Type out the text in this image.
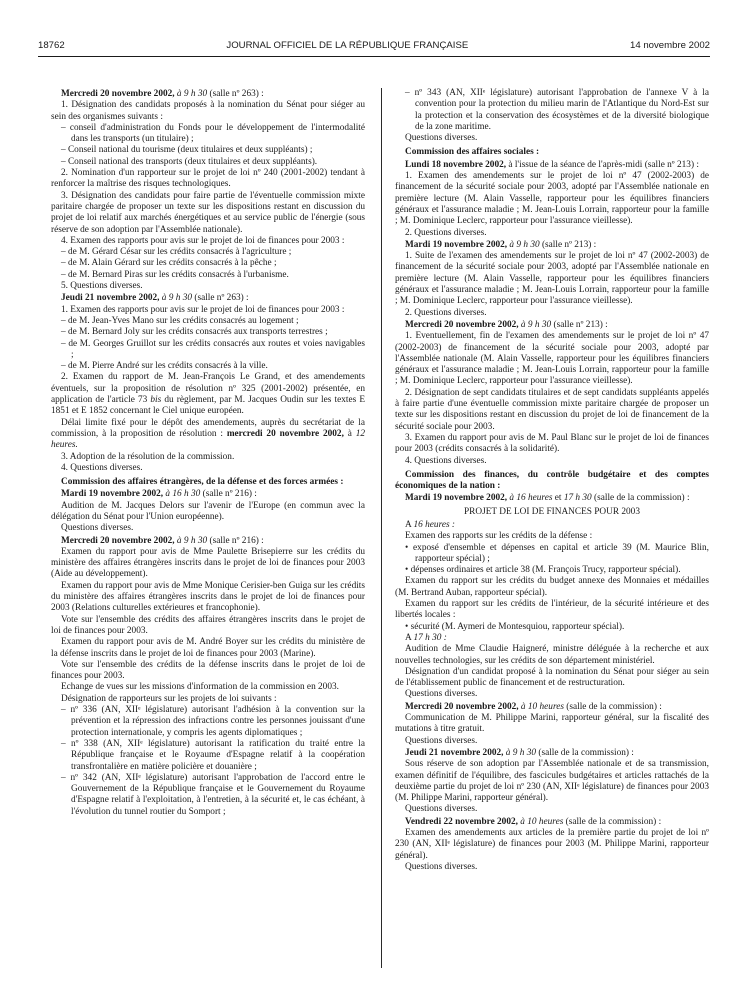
18762	JOURNAL OFFICIEL DE LA RÉPUBLIQUE FRANÇAISE	14 novembre 2002

Mercredi 20 novembre 2002, à 9 h 30 (salle nº 263) :

1. Désignation des candidats proposés à la nomination du Sénat pour siéger au sein des organismes suivants :

– conseil d'administration du Fonds pour le développement de l'intermodalité dans les transports (un titulaire) ;

– Conseil national du tourisme (deux titulaires et deux suppléants) ;

– Conseil national des transports (deux titulaires et deux suppléants).

2. Nomination d'un rapporteur sur le projet de loi nº 240 (2001-2002) tendant à renforcer la maîtrise des risques technologiques.

3. Désignation des candidats pour faire partie de l'éventuelle commission mixte paritaire chargée de proposer un texte sur les dispositions restant en discussion du projet de loi relatif aux marchés énergétiques et au service public de l'énergie (sous réserve de son adoption par l'Assemblée nationale).

4. Examen des rapports pour avis sur le projet de loi de finances pour 2003 :

– de M. Gérard César sur les crédits consacrés à l'agriculture ;

– de M. Alain Gérard sur les crédits consacrés à la pêche ;

– de M. Bernard Piras sur les crédits consacrés à l'urbanisme.

5. Questions diverses.

Jeudi 21 novembre 2002, à 9 h 30 (salle nº 263) :

1. Examen des rapports pour avis sur le projet de loi de finances pour 2003 :

– de M. Jean-Yves Mano sur les crédits consacrés au logement ;

– de M. Bernard Joly sur les crédits consacrés aux transports terrestres ;

– de M. Georges Gruillot sur les crédits consacrés aux routes et voies navigables ;

– de M. Pierre André sur les crédits consacrés à la ville.

2. Examen du rapport de M. Jean-François Le Grand, et des amendements éventuels, sur la proposition de résolution nº 325 (2001-2002) présentée, en application de l'article 73 bis du règlement, par M. Jacques Oudin sur les textes E 1851 et E 1852 concernant le Ciel unique européen.

Délai limite fixé pour le dépôt des amendements, auprès du secrétariat de la commission, à la proposition de résolution : mercredi 20 novembre 2002, à 12 heures.

3. Adoption de la résolution de la commission.

4. Questions diverses.

Commission des affaires étrangères, de la défense et des forces armées :

Mardi 19 novembre 2002, à 16 h 30 (salle nº 216) :

Audition de M. Jacques Delors sur l'avenir de l'Europe (en commun avec la délégation du Sénat pour l'Union européenne).

Questions diverses.

Mercredi 20 novembre 2002, à 9 h 30 (salle nº 216) :

Examen du rapport pour avis de Mme Paulette Brisepierre sur les crédits du ministère des affaires étrangères inscrits dans le projet de loi de finances pour 2003 (Aide au développement).

Examen du rapport pour avis de Mme Monique Cerisier-ben Guiga sur les crédits du ministère des affaires étrangères inscrits dans le projet de loi de finances pour 2003 (Relations culturelles extérieures et francophonie).

Vote sur l'ensemble des crédits des affaires étrangères inscrits dans le projet de loi de finances pour 2003.

Examen du rapport pour avis de M. André Boyer sur les crédits du ministère de la défense inscrits dans le projet de loi de finances pour 2003 (Marine).

Vote sur l'ensemble des crédits de la défense inscrits dans le projet de loi de finances pour 2003.

Echange de vues sur les missions d'information de la commission en 2003.

Désignation de rapporteurs sur les projets de loi suivants :

– nº 336 (AN, XIIᵉ législature) autorisant l'adhésion à la convention sur la prévention et la répression des infractions contre les personnes jouissant d'une protection internationale, y compris les agents diplomatiques ;

– nº 338 (AN, XIIᵉ législature) autorisant la ratification du traité entre la République française et le Royaume d'Espagne relatif à la coopération transfrontalière en matière policière et douanière ;

– nº 342 (AN, XIIᵉ législature) autorisant l'approbation de l'accord entre le Gouvernement de la République française et le Gouvernement du Royaume d'Espagne relatif à l'exploitation, à l'entretien, à la sécurité et, le cas échéant, à l'évolution du tunnel routier du Somport ;

– nº 343 (AN, XIIᵉ législature) autorisant l'approbation de l'annexe V à la convention pour la protection du milieu marin de l'Atlantique du Nord-Est sur la protection et la conservation des écosystèmes et de la diversité biologique de la zone maritime.

Questions diverses.

Commission des affaires sociales :

Lundi 18 novembre 2002, à l'issue de la séance de l'après-midi (salle nº 213) :

1. Examen des amendements sur le projet de loi nº 47 (2002-2003) de financement de la sécurité sociale pour 2003, adopté par l'Assemblée nationale en première lecture (M. Alain Vasselle, rapporteur pour les équilibres financiers généraux et l'assurance maladie ; M. Jean-Louis Lorrain, rapporteur pour la famille ; M. Dominique Leclerc, rapporteur pour l'assurance vieillesse).

2. Questions diverses.

Mardi 19 novembre 2002, à 9 h 30 (salle nº 213) :

1. Suite de l'examen des amendements sur le projet de loi nº 47 (2002-2003) de financement de la sécurité sociale pour 2003, adopté par l'Assemblée nationale en première lecture (M. Alain Vasselle, rapporteur pour les équilibres financiers généraux et l'assurance maladie ; M. Jean-Louis Lorrain, rapporteur pour la famille ; M. Dominique Leclerc, rapporteur pour l'assurance vieillesse).

2. Questions diverses.

Mercredi 20 novembre 2002, à 9 h 30 (salle nº 213) :

1. Eventuellement, fin de l'examen des amendements sur le projet de loi nº 47 (2002-2003) de financement de la sécurité sociale pour 2003, adopté par l'Assemblée nationale (M. Alain Vasselle, rapporteur pour les équilibres financiers généraux et l'assurance maladie ; M. Jean-Louis Lorrain, rapporteur pour la famille ; M. Dominique Leclerc, rapporteur pour l'assurance vieillesse).

2. Désignation de sept candidats titulaires et de sept candidats suppléants appelés à faire partie d'une éventuelle commission mixte paritaire chargée de proposer un texte sur les dispositions restant en discussion du projet de loi de financement de la sécurité sociale pour 2003.

3. Examen du rapport pour avis de M. Paul Blanc sur le projet de loi de finances pour 2003 (crédits consacrés à la solidarité).

4. Questions diverses.

Commission des finances, du contrôle budgétaire et des comptes économiques de la nation :

Mardi 19 novembre 2002, à 16 heures et 17 h 30 (salle de la commission) :

PROJET DE LOI DE FINANCES POUR 2003

A 16 heures :

Examen des rapports sur les crédits de la défense :

• exposé d'ensemble et dépenses en capital et article 39 (M. Maurice Blin, rapporteur spécial) ;

• dépenses ordinaires et article 38 (M. François Trucy, rapporteur spécial).

Examen du rapport sur les crédits du budget annexe des Monnaies et médailles (M. Bertrand Auban, rapporteur spécial).

Examen du rapport sur les crédits de l'intérieur, de la sécurité intérieure et des libertés locales :

• sécurité (M. Aymeri de Montesquiou, rapporteur spécial).

A 17 h 30 :

Audition de Mme Claudie Haigneré, ministre déléguée à la recherche et aux nouvelles technologies, sur les crédits de son département ministériel.

Désignation d'un candidat proposé à la nomination du Sénat pour siéger au sein de l'établissement public de financement et de restructuration.

Questions diverses.

Mercredi 20 novembre 2002, à 10 heures (salle de la commission) :

Communication de M. Philippe Marini, rapporteur général, sur la fiscalité des mutations à titre gratuit.

Questions diverses.

Jeudi 21 novembre 2002, à 9 h 30 (salle de la commission) :

Sous réserve de son adoption par l'Assemblée nationale et de sa transmission, examen définitif de l'équilibre, des fascicules budgétaires et articles rattachés de la deuxième partie du projet de loi nº 230 (AN, XIIᵉ législature) de finances pour 2003 (M. Philippe Marini, rapporteur général).

Questions diverses.

Vendredi 22 novembre 2002, à 10 heures (salle de la commission) :

Examen des amendements aux articles de la première partie du projet de loi nº 230 (AN, XIIᵉ législature) de finances pour 2003 (M. Philippe Marini, rapporteur général).

Questions diverses.
